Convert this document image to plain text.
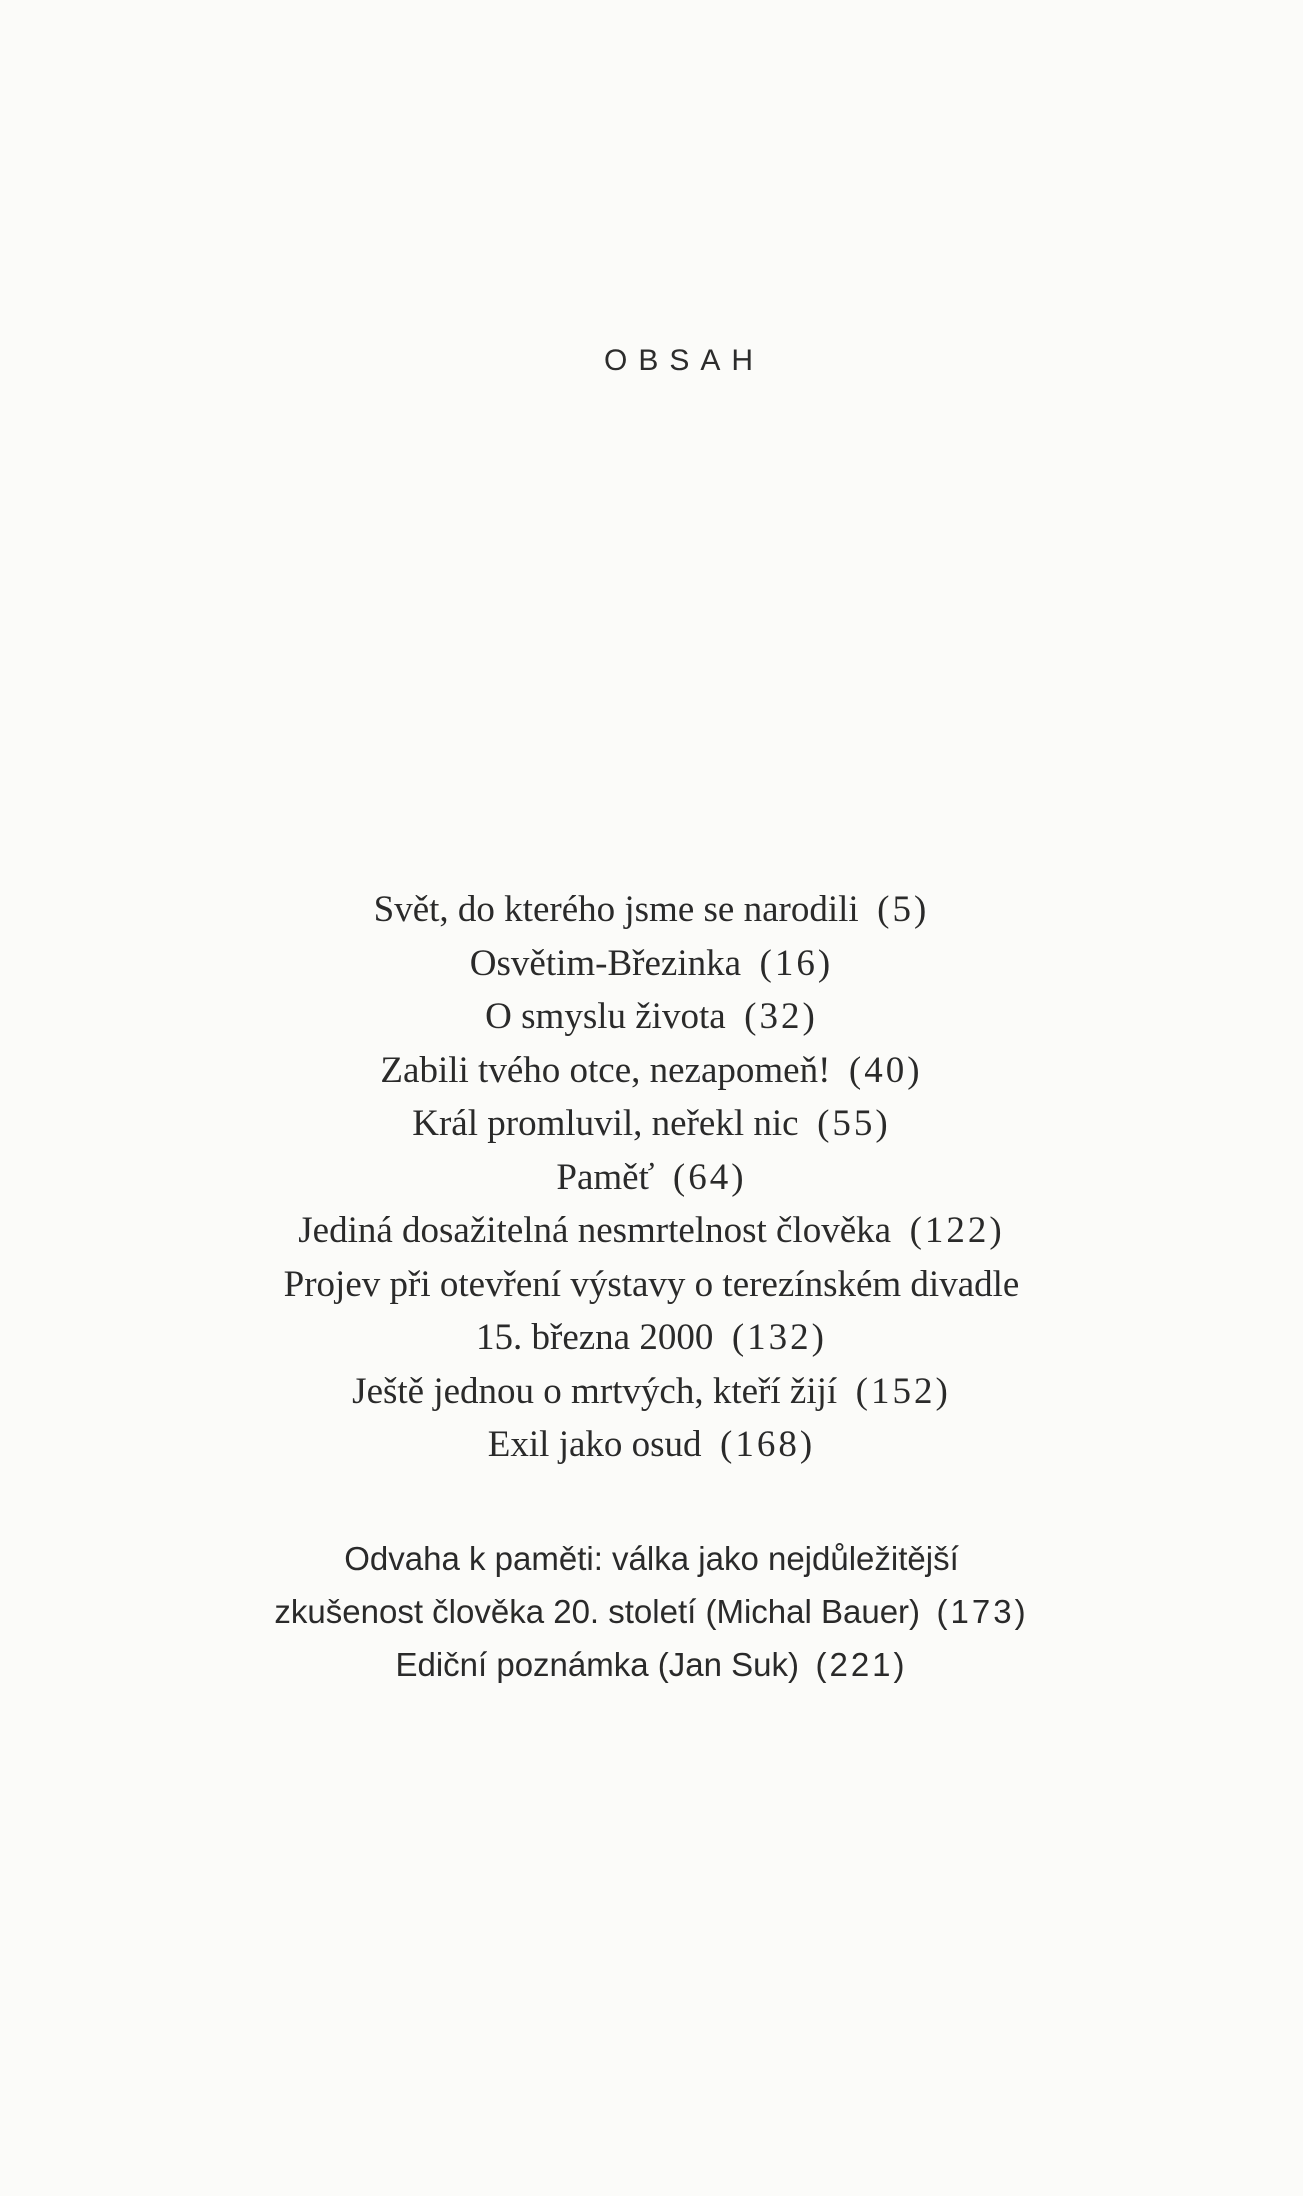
OBSAH
Svět, do kterého jsme se narodili (5)
Osvětim-Březinka (16)
O smyslu života (32)
Zabili tvého otce, nezapomeň! (40)
Král promluvil, neřekl nic (55)
Paměť (64)
Jediná dosažitelná nesmrtelnost člověka (122)
Projev při otevření výstavy o terezínském divadle
15. března 2000 (132)
Ještě jednou o mrtvých, kteří žijí (152)
Exil jako osud (168)
Odvaha k paměti: válka jako nejdůležitější
zkušenost člověka 20. století (Michal Bauer) (173)
Ediční poznámka (Jan Suk) (221)
